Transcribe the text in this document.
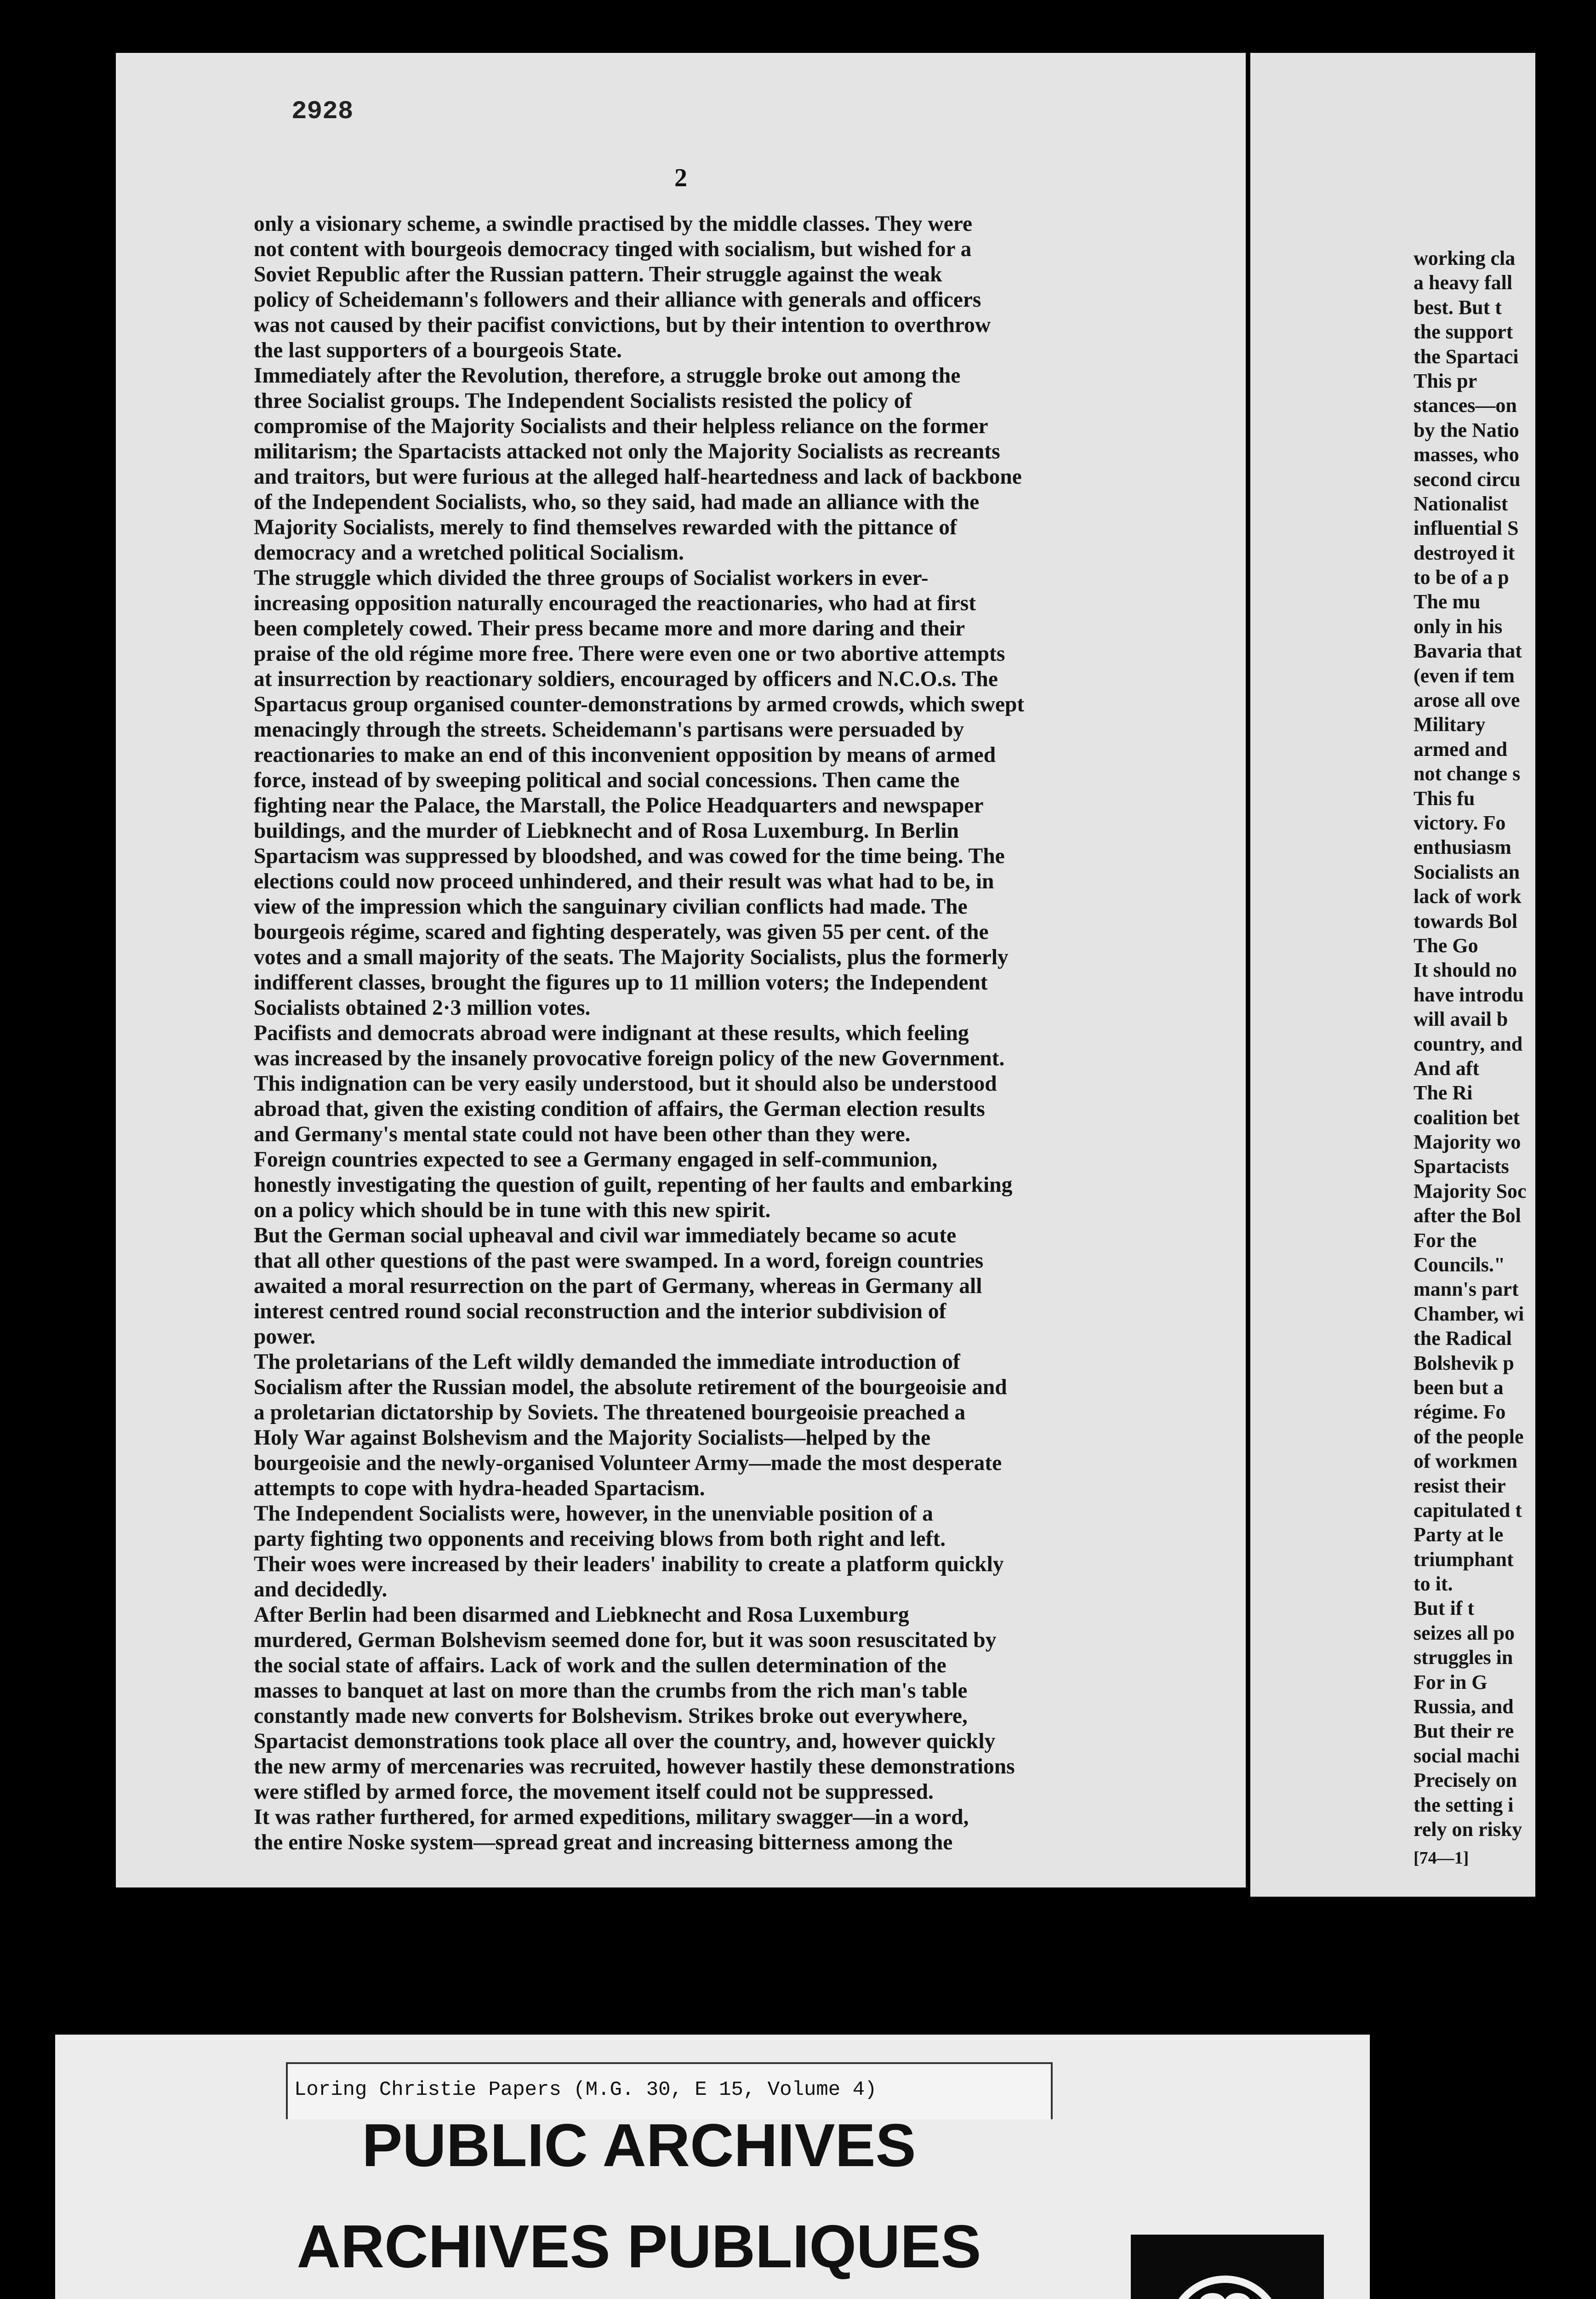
2928
2

only a visionary scheme, a swindle practised by the middle classes. They were
not content with bourgeois democracy tinged with socialism, but wished for a
Soviet Republic after the Russian pattern. Their struggle against the weak
policy of Scheidemann's followers and their alliance with generals and officers
was not caused by their pacifist convictions, but by their intention to overthrow
the last supporters of a bourgeois State.

Immediately after the Revolution, therefore, a struggle broke out among the
three Socialist groups. The Independent Socialists resisted the policy of
compromise of the Majority Socialists and their helpless reliance on the former
militarism; the Spartacists attacked not only the Majority Socialists as recreants
and traitors, but were furious at the alleged half-heartedness and lack of backbone
of the Independent Socialists, who, so they said, had made an alliance with the
Majority Socialists, merely to find themselves rewarded with the pittance of
democracy and a wretched political Socialism.

The struggle which divided the three groups of Socialist workers in ever-
increasing opposition naturally encouraged the reactionaries, who had at first
been completely cowed. Their press became more and more daring and their
praise of the old régime more free. There were even one or two abortive attempts
at insurrection by reactionary soldiers, encouraged by officers and N.C.O.s. The
Spartacus group organised counter-demonstrations by armed crowds, which swept
menacingly through the streets. Scheidemann's partisans were persuaded by
reactionaries to make an end of this inconvenient opposition by means of armed
force, instead of by sweeping political and social concessions. Then came the
fighting near the Palace, the Marstall, the Police Headquarters and newspaper
buildings, and the murder of Liebknecht and of Rosa Luxemburg. In Berlin
Spartacism was suppressed by bloodshed, and was cowed for the time being. The
elections could now proceed unhindered, and their result was what had to be, in
view of the impression which the sanguinary civilian conflicts had made. The
bourgeois régime, scared and fighting desperately, was given 55 per cent. of the
votes and a small majority of the seats. The Majority Socialists, plus the formerly
indifferent classes, brought the figures up to 11 million voters; the Independent
Socialists obtained 2·3 million votes.

Pacifists and democrats abroad were indignant at these results, which feeling
was increased by the insanely provocative foreign policy of the new Government.
This indignation can be very easily understood, but it should also be understood
abroad that, given the existing condition of affairs, the German election results
and Germany's mental state could not have been other than they were.

Foreign countries expected to see a Germany engaged in self-communion,
honestly investigating the question of guilt, repenting of her faults and embarking
on a policy which should be in tune with this new spirit.

But the German social upheaval and civil war immediately became so acute
that all other questions of the past were swamped. In a word, foreign countries
awaited a moral resurrection on the part of Germany, whereas in Germany all
interest centred round social reconstruction and the interior subdivision of
power.

The proletarians of the Left wildly demanded the immediate introduction of
Socialism after the Russian model, the absolute retirement of the bourgeoisie and
a proletarian dictatorship by Soviets. The threatened bourgeoisie preached a
Holy War against Bolshevism and the Majority Socialists—helped by the
bourgeoisie and the newly-organised Volunteer Army—made the most desperate
attempts to cope with hydra-headed Spartacism.

The Independent Socialists were, however, in the unenviable position of a
party fighting two opponents and receiving blows from both right and left.
Their woes were increased by their leaders' inability to create a platform quickly
and decidedly.

After Berlin had been disarmed and Liebknecht and Rosa Luxemburg
murdered, German Bolshevism seemed done for, but it was soon resuscitated by
the social state of affairs. Lack of work and the sullen determination of the
masses to banquet at last on more than the crumbs from the rich man's table
constantly made new converts for Bolshevism. Strikes broke out everywhere,
Spartacist demonstrations took place all over the country, and, however quickly
the new army of mercenaries was recruited, however hastily these demonstrations
were stifled by armed force, the movement itself could not be suppressed.

It was rather furthered, for armed expeditions, military swagger—in a word,
the entire Noske system—spread great and increasing bitterness among the

working cla
a heavy fall
best. But t
the support
the Spartaci
This pr
stances—on
by the Natio
masses, who
second circu
Nationalist
influential S
destroyed it
to be of a p
The mu
only in his
Bavaria that
(even if tem
arose all ove
Military
armed and
not change s
This fu
victory. Fo
enthusiasm
Socialists an
lack of work
towards Bol
The Go
It should no
have introdu
will avail b
country, and
And aft
The Ri
coalition bet
Majority wo
Spartacists
Majority Soc
after the Bol
For the
Councils."
mann's part
Chamber, wi
the Radical
Bolshevik p
been but a
régime. Fo
of the people
of workmen
resist their
capitulated t
Party at le
triumphant
to it.
But if t
seizes all po
struggles in
For in G
Russia, and
But their re
social machi
Precisely on
the setting i
rely on risky
[74—1]
Loring Christie Papers (M.G. 30, E 15, Volume 4)
PUBLIC ARCHIVES
ARCHIVES PUBLIQUES
